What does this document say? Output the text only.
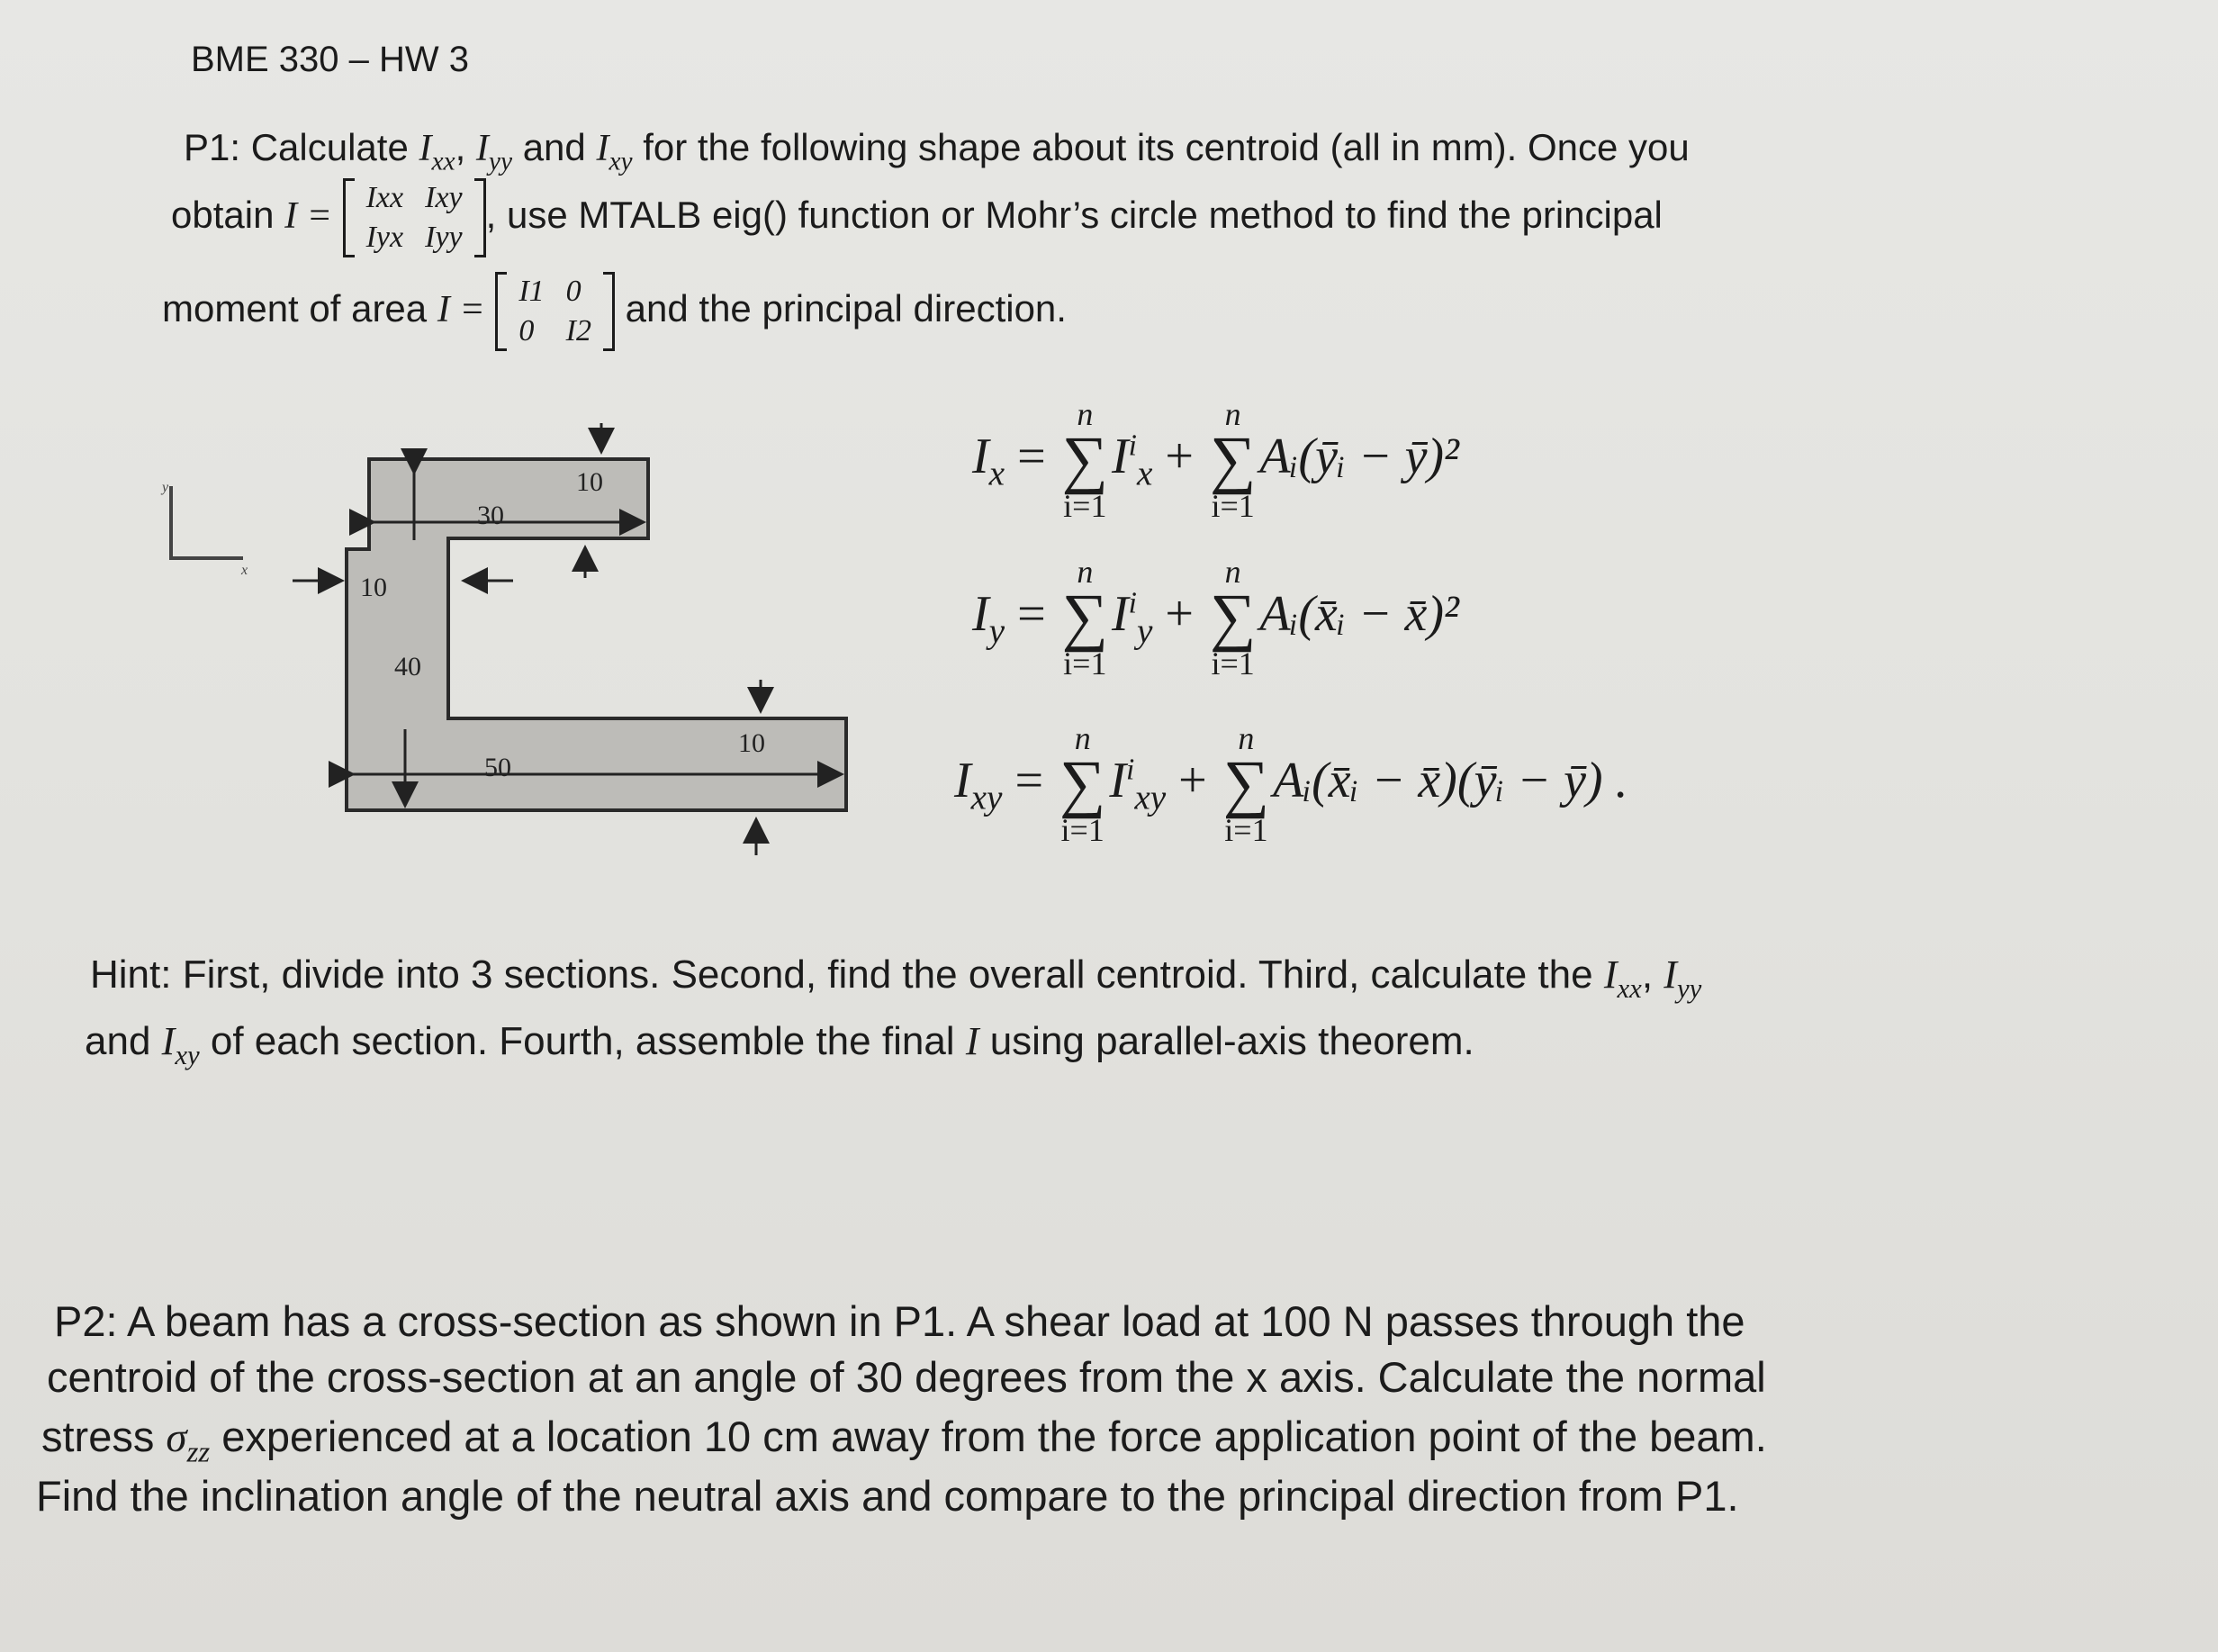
BME 330 – HW 3
P1: Calculate $I_{xx}$, $I_{yy}$ and $I_{xy}$ for the following shape about its centroid (all in mm). Once you
obtain I = Ixx	Ixy
Iyx	Iyy
, use MTALB eig() function or Mohr’s circle method to find the principal
moment of area I = I1	0
0	I2
and the principal direction.
y
x
30
10
10
40
50
10
$I_x$ =
n
∑
i=1
$I^i_x$ +
n
∑
i=1
Aᵢ(ȳᵢ − ȳ)²
$I_y$ =
n
∑
i=1
$I^i_y$ +
n
∑
i=1
Aᵢ(x̄ᵢ − x̄)²
$I_{xy}$ =
n
∑
i=1
$I^i_{xy}$ +
n
∑
i=1
Aᵢ(x̄ᵢ − x̄)(ȳᵢ − ȳ) .
Hint: First, divide into 3 sections. Second, find the overall centroid. Third, calculate the $I_{xx}$, $I_{yy}$
and $I_{xy}$ of each section. Fourth, assemble the final I using parallel-axis theorem.
P2: A beam has a cross-section as shown in P1. A shear load at 100 N passes through the
centroid of the cross-section at an angle of 30 degrees from the x axis. Calculate the normal
stress $\sigma_{zz}$ experienced at a location 10 cm away from the force application point of the beam.
Find the inclination angle of the neutral axis and compare to the principal direction from P1.
